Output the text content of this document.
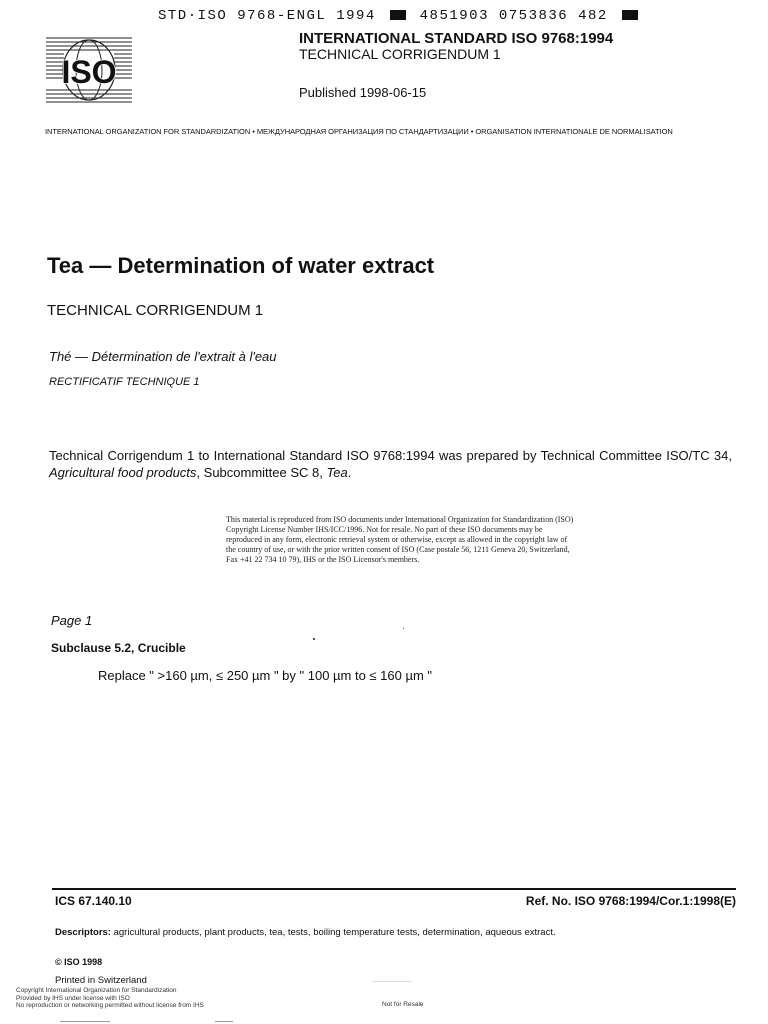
STD·ISO 9768-ENGL 1994	4851903 0753836 482
ISO
INTERNATIONAL STANDARD ISO 9768:1994
TECHNICAL CORRIGENDUM 1
Published 1998-06-15
INTERNATIONAL ORGANIZATION FOR STANDARDIZATION • МЕЖДУНАРОДНАЯ ОРГАНИЗАЦИЯ ПО СТАНДАРТИЗАЦИИ • ORGANISATION INTERNATIONALE DE NORMALISATION
Tea — Determination of water extract
TECHNICAL CORRIGENDUM 1
Thé — Détermination de l'extrait à l'eau
RECTIFICATIF TECHNIQUE 1
Technical Corrigendum 1 to International Standard ISO 9768:1994 was prepared by Technical Committee ISO/TC 34, Agricultural food products, Subcommittee SC 8, Tea.
This material is reproduced from ISO documents under International Organization for Standardization (ISO) Copyright License Number IHS/ICC/1996. Not for resale. No part of these ISO documents may be reproduced in any form, electronic retrieval system or otherwise, except as allowed in the copyright law of the country of use, or with the prior written consent of ISO (Case postale 56, 1211 Geneva 20, Switzerland, Fax +41 22 734 10 79), IHS or the ISO Licensor's members.
Page 1
Subclause 5.2, Crucible
Replace " >160 µm, ≤ 250 µm " by " 100 µm to ≤ 160 µm "
ICS 67.140.10	Ref. No. ISO 9768:1994/Cor.1:1998(E)
Descriptors: agricultural products, plant products, tea, tests, boiling temperature tests, determination, aqueous extract.
© ISO 1998
Printed in Switzerland
Copyright International Organization for Standardization
Provided by IHS under license with ISO
No reproduction or networking permitted without license from IHS	Not for Resale
